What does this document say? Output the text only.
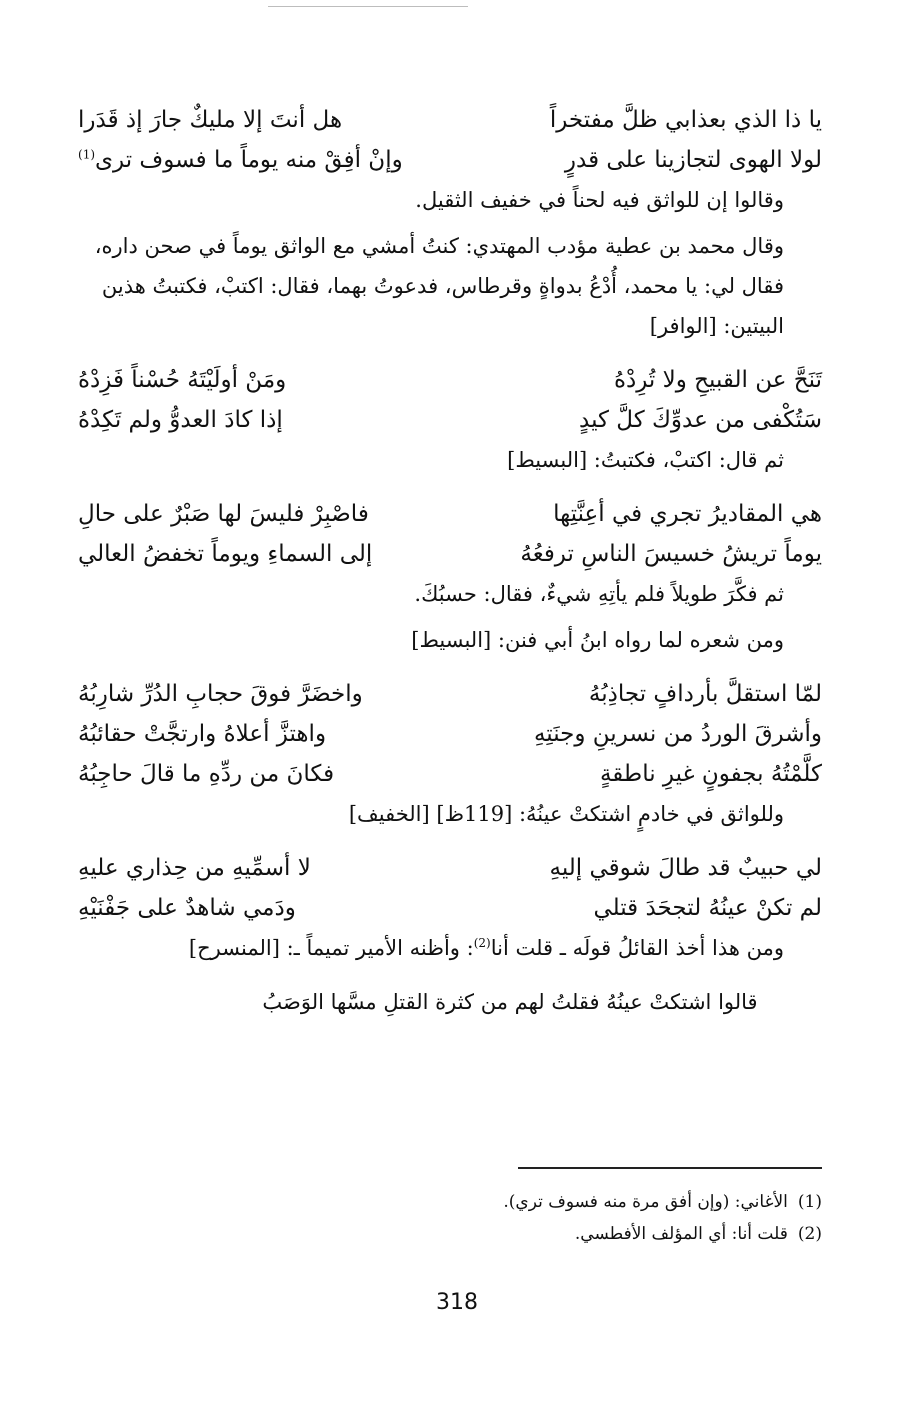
يا ذا الذي بعذابي ظلَّ مفتخراً
هل أنتَ إلا مليكٌ جارَ إذ قَدَرا
لولا الهوى لتجازينا على قدرٍ
وإنْ أفِقْ منه يوماً ما فسوف ترى$^{(1)}$
وقالوا إن للواثق فيه لحناً في خفيف الثقيل.
وقال محمد بن عطية مؤدب المهتدي: كنتُ أمشي مع الواثق يوماً في صحن داره، فقال لي: يا محمد، أُدْعُ بدواةٍ وقرطاس، فدعوتُ بهما، فقال: اكتبْ، فكتبتُ هذين البيتين: [الوافر]
تَنَحَّ عن القبيحِ ولا تُرِدْهُ
ومَنْ أولَيْتَهُ حُسْناً فَزِدْهُ
سَتُكْفى من عدوِّكَ كلَّ كيدٍ
إذا كادَ العدوُّ ولم تَكِدْهُ
ثم قال: اكتبْ، فكتبتُ: [البسيط]
هي المقاديرُ تجري في أعِنَّتِها
فاصْبِرْ فليسَ لها صَبْرٌ على حالِ
يوماً تريشُ خسيسَ الناسِ ترفعُهُ
إلى السماءِ ويوماً تخفضُ العالي
ثم فكَّرَ طويلاً فلم يأتِهِ شيءٌ، فقال: حسبُكَ.
ومن شعره لما رواه ابنُ أبي فنن: [البسيط]
لمّا استقلَّ بأردافٍ تجاذِبُهُ
واخضَرَّ فوقَ حجابِ الدُرِّ شارِبُهُ
وأشرقَ الوردُ من نسرينِ وجنَتِهِ
واهتزَّ أعلاهُ وارتجَّتْ حقائبُهُ
كلَّمْتُهُ بجفونٍ غيرِ ناطقةٍ
فكانَ من ردِّهِ ما قالَ حاجِبُهُ
وللواثق في خادمٍ اشتكتْ عينُهُ: [119ظ] [الخفيف]
لي حبيبٌ قد طالَ شوقي إليهِ
لا أسمِّيهِ من حِذاري عليهِ
لم تكنْ عينُهُ لتجحَدَ قتلي
ودَمي شاهدٌ على جَفْنَيْهِ
ومن هذا أخذ القائلُ قولَه ـ قلت أنا$^{(2)}$: وأظنه الأمير تميماً ـ: [المنسرح]
قالوا اشتكتْ عينُهُ فقلتُ لهم من كثرة القتلِ مسَّها الوَصَبُ
(1)الأغاني: (وإن أفق مرة منه فسوف تري).
(2)قلت أنا: أي المؤلف الأفطسي.
318
